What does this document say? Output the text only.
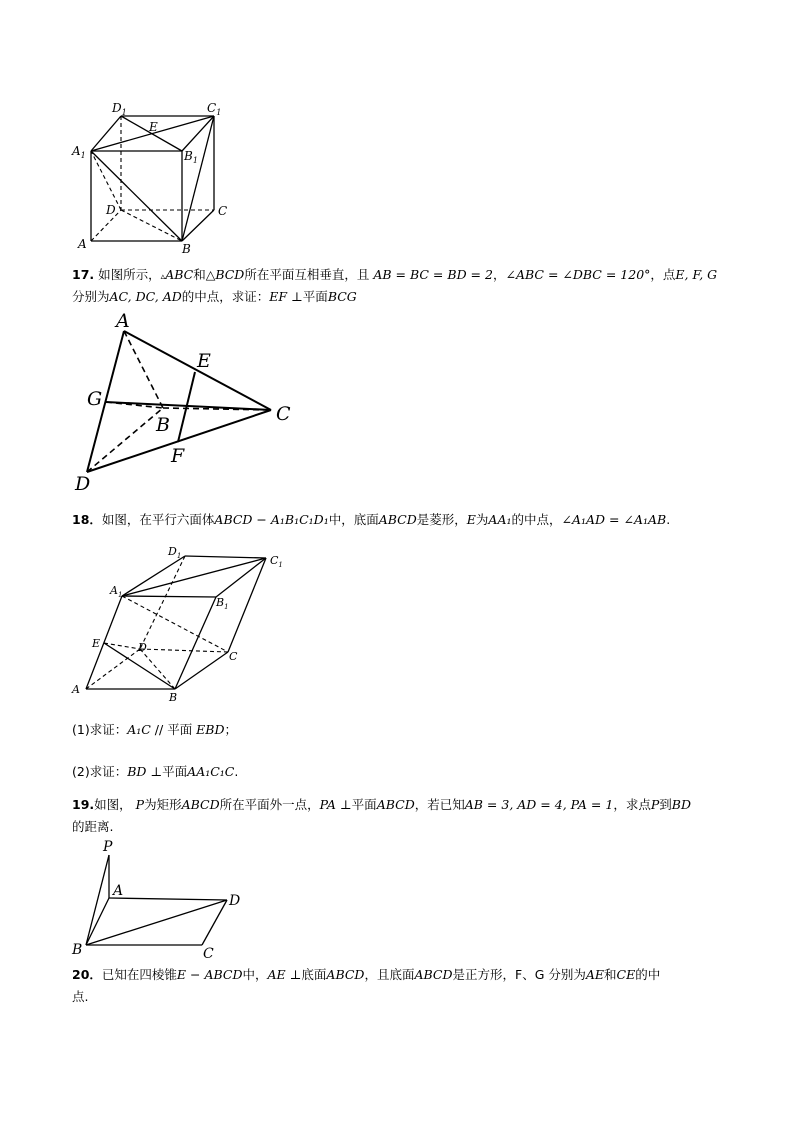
$D_1$	$C_1$
E
$A_1$	$B_1$
D	C
A	B
17. 如图所示，▵ABC和△BCD所在平面互相垂直，且 AB = BC = BD = 2，∠ABC = ∠DBC = 120°，点E, F, G
分别为AC, DC, AD的中点，求证：EF ⊥平面BCG
A
E
G
C
B
F
D
18．如图，在平行六面体ABCD − A₁B₁C₁D₁中，底面ABCD是菱形，E为AA₁的中点，∠A₁AD = ∠A₁AB.
$D_1$	$C_1$
$A_1$
$B_1$
E	D
C
A
B
(1)求证：A₁C // 平面 EBD；
(2)求证：BD ⊥平面AA₁C₁C.
19.如图， P为矩形ABCD所在平面外一点，PA ⊥平面ABCD，若已知AB = 3, AD = 4, PA = 1，求点P到BD
的距离.
P
A
D
B	C
20．已知在四棱锥E − ABCD中，AE ⊥底面ABCD，且底面ABCD是正方形，F、G 分别为AE和CE的中
点.
